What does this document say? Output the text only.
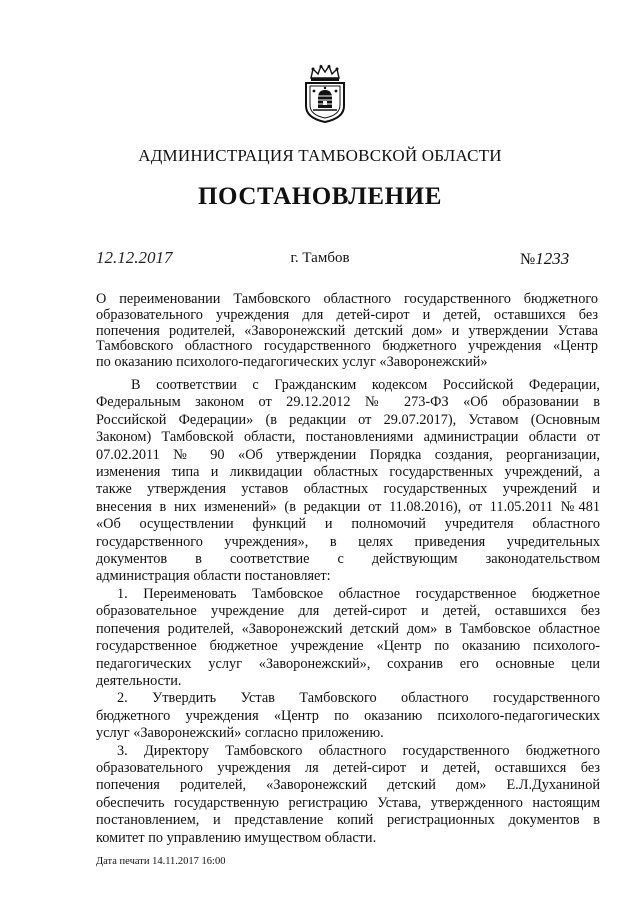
АДМИНИСТРАЦИЯ ТАМБОВСКОЙ ОБЛАСТИ
ПОСТАНОВЛЕНИЕ
12.12.2017	г. Тамбов	№1233
О переименовании Тамбовского областного государственного бюджетного
образовательного учреждения для детей-сирот и детей, оставшихся без
попечения родителей, «Заворонежский детский дом» и утверждении Устава
Тамбовского областного государственного бюджетного учреждения «Центр
по оказанию психолого-педагогических услуг «Заворонежский»
В соответствии с Гражданским кодексом Российской Федерации,
Федеральным законом от 29.12.2012 № 273-ФЗ «Об образовании в
Российской Федерации» (в редакции от 29.07.2017), Уставом (Основным
Законом) Тамбовской области, постановлениями администрации области от
07.02.2011 № 90 «Об утверждении Порядка создания, реорганизации,
изменения типа и ликвидации областных государственных учреждений, а
также утверждения уставов областных государственных учреждений и
внесения в них изменений» (в редакции от 11.08.2016), от 11.05.2011 №481
«Об осуществлении функций и полномочий учредителя областного
государственного учреждения», в целях приведения учредительных
документов в соответствие с действующим законодательством
администрация области постановляет:
1. Переименовать Тамбовское областное государственное бюджетное
образовательное учреждение для детей-сирот и детей, оставшихся без
попечения родителей, «Заворонежский детский дом» в Тамбовское областное
государственное бюджетное учреждение «Центр по оказанию психолого-
педагогических услуг «Заворонежский», сохранив его основные цели
деятельности.
2. Утвердить Устав Тамбовского областного государственного
бюджетного учреждения «Центр по оказанию психолого-педагогических
услуг «Заворонежский» согласно приложению.
3. Директору Тамбовского областного государственного бюджетного
образовательного учреждения ля детей-сирот и детей, оставшихся без
попечения родителей, «Заворонежский детский дом» Е.Л.Духаниной
обеспечить государственную регистрацию Устава, утвержденного настоящим
постановлением, и представление копий регистрационных документов в
комитет по управлению имуществом области.
Дата печати 14.11.2017 16:00
